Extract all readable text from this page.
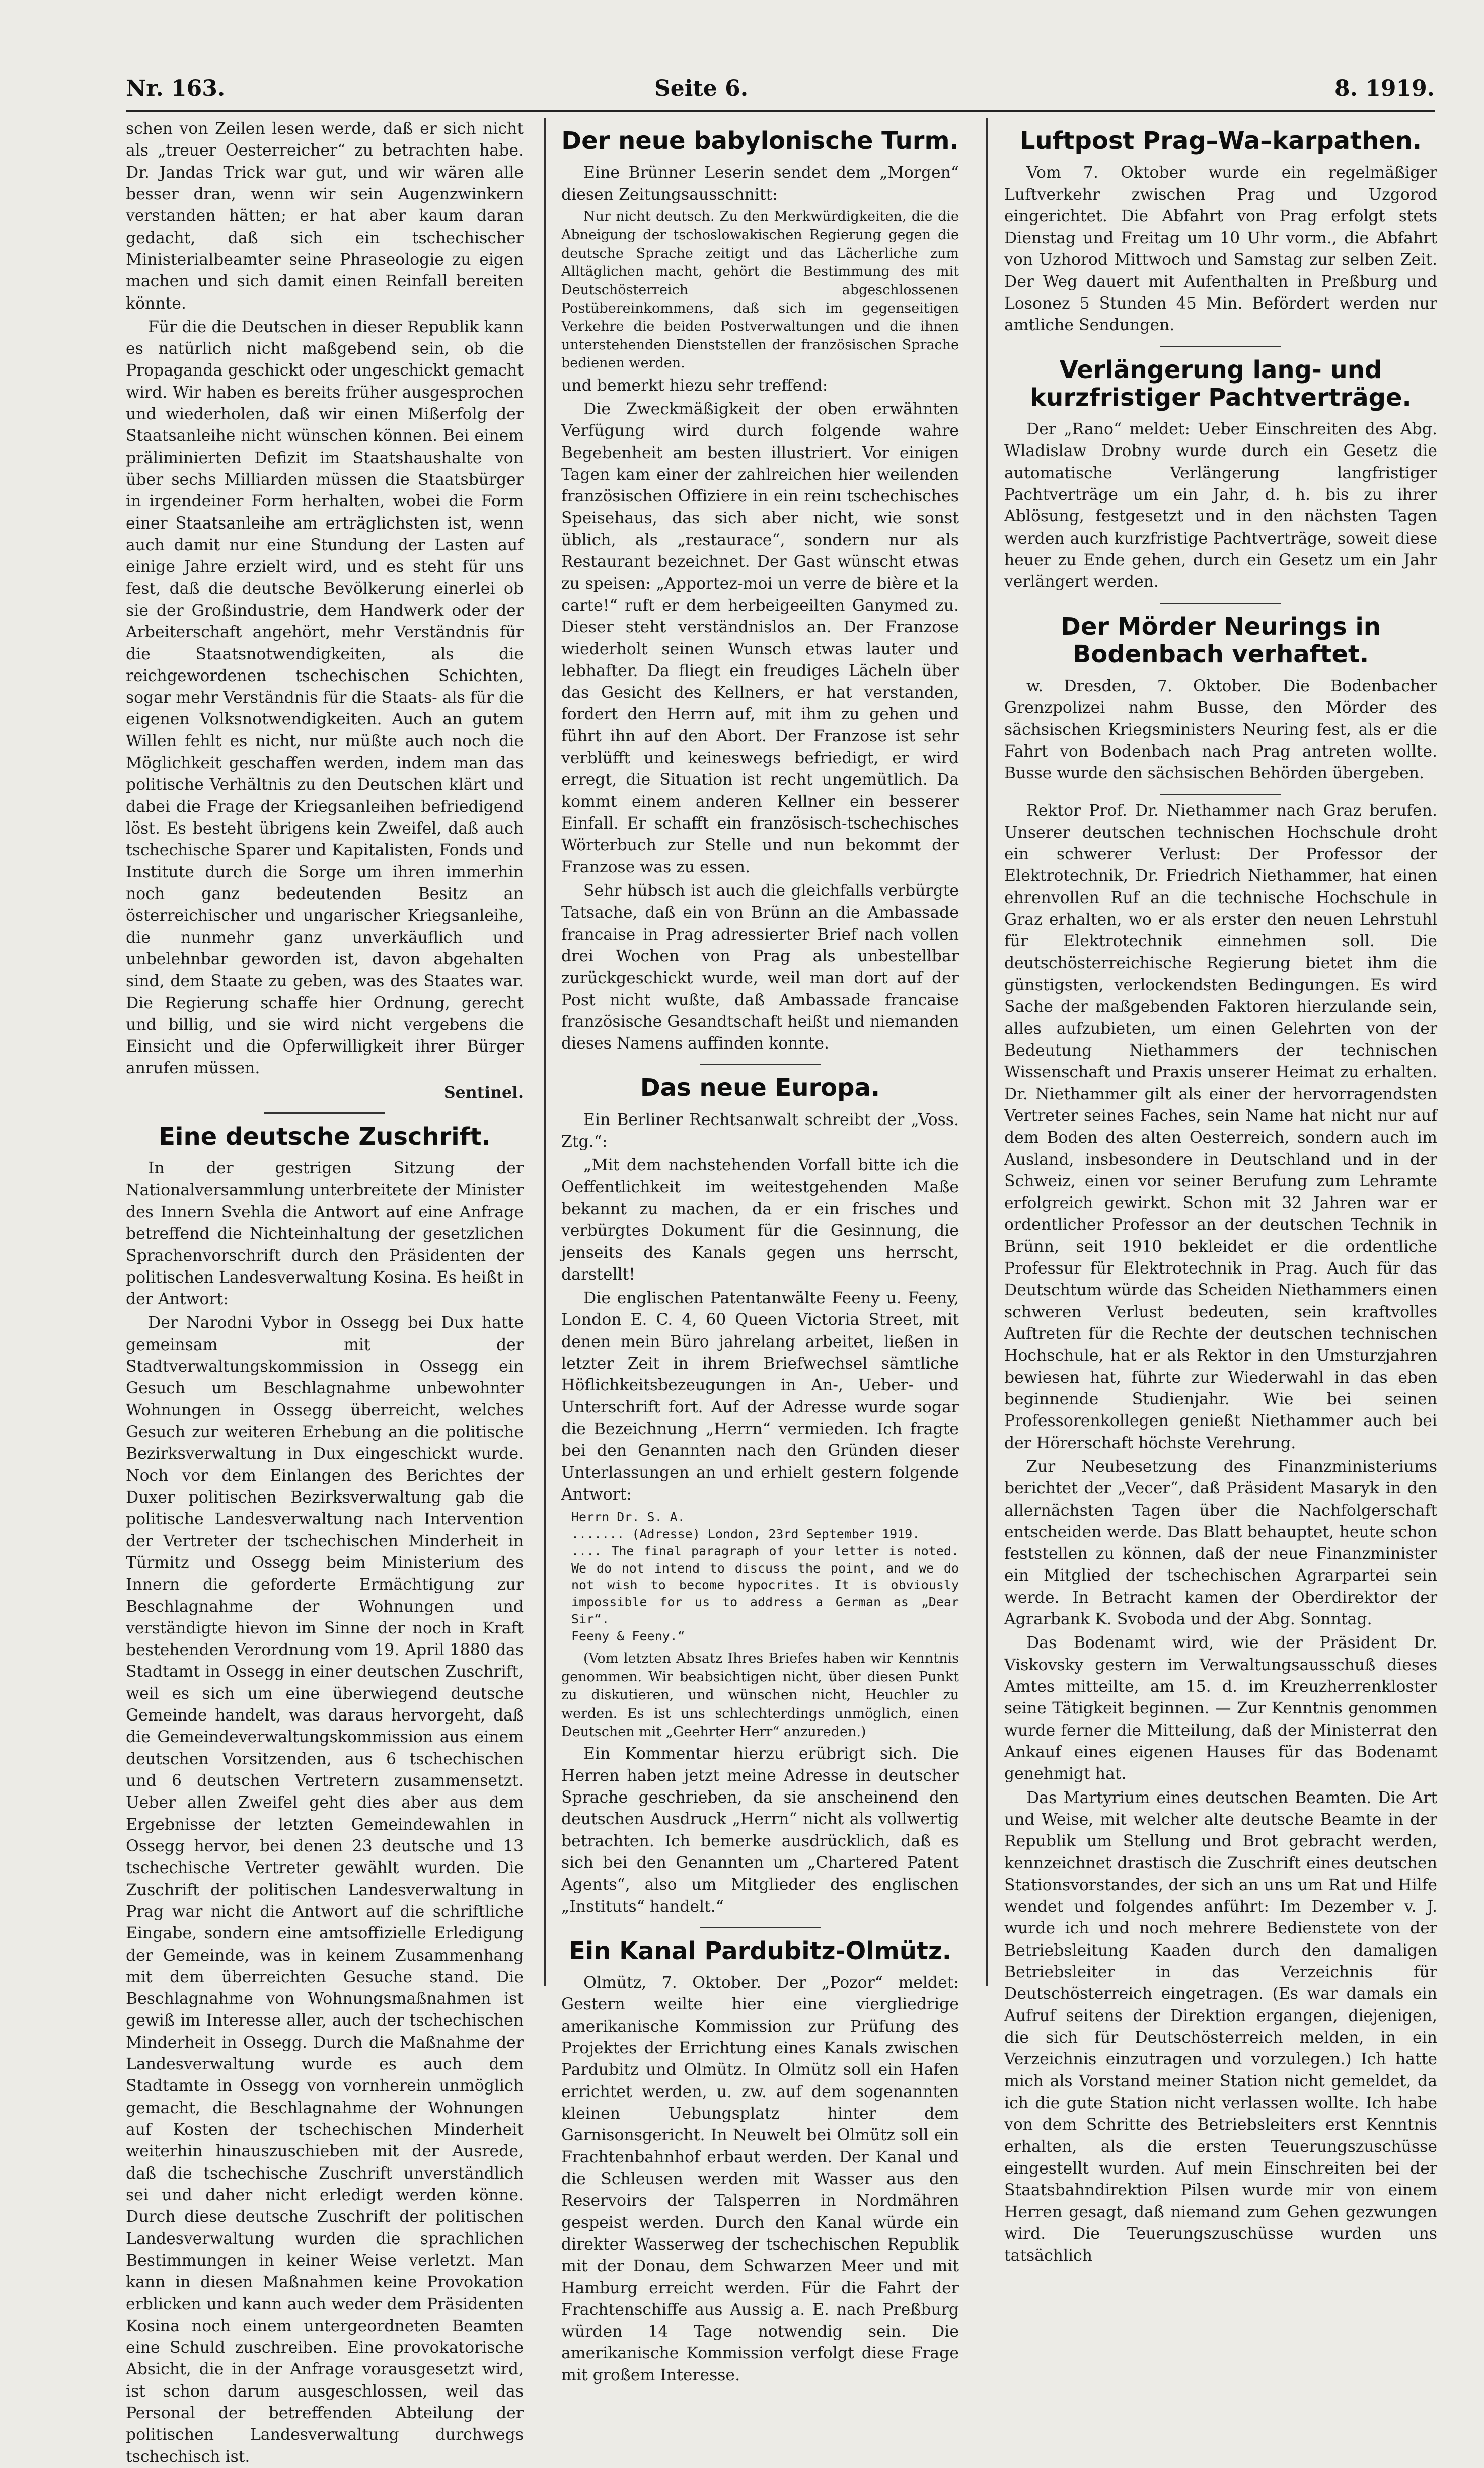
Nr. 163.	Seite 6.	8. 1919.

schen von Zeilen lesen werde, daß er sich nicht als „treuer Oesterreicher“ zu betrachten habe. Dr. Jandas Trick war gut, und wir wären alle besser dran, wenn wir sein Augenzwinkern verstanden hätten; er hat aber kaum daran gedacht, daß sich ein tschechischer Ministerialbeamter seine Phraseologie zu eigen machen und sich damit einen Reinfall bereiten könnte.

Für die die Deutschen in dieser Republik kann es natürlich nicht maßgebend sein, ob die Propaganda geschickt oder ungeschickt gemacht wird. Wir haben es bereits früher ausgesprochen und wiederholen, daß wir einen Mißerfolg der Staatsanleihe nicht wünschen können. Bei einem präliminierten Defizit im Staatshaushalte von über sechs Milliarden müssen die Staatsbürger in irgendeiner Form herhalten, wobei die Form einer Staatsanleihe am erträglichsten ist, wenn auch damit nur eine Stundung der Lasten auf einige Jahre erzielt wird, und es steht für uns fest, daß die deutsche Bevölkerung einerlei ob sie der Großindustrie, dem Handwerk oder der Arbeiterschaft angehört, mehr Verständnis für die Staatsnotwendigkeiten, als die reichgewordenen tschechischen Schichten, sogar mehr Verständnis für die Staats- als für die eigenen Volksnotwendigkeiten. Auch an gutem Willen fehlt es nicht, nur müßte auch noch die Möglichkeit geschaffen werden, indem man das politische Verhältnis zu den Deutschen klärt und dabei die Frage der Kriegsanleihen befriedigend löst. Es besteht übrigens kein Zweifel, daß auch tschechische Sparer und Kapitalisten, Fonds und Institute durch die Sorge um ihren immerhin noch ganz bedeutenden Besitz an österreichischer und ungarischer Kriegsanleihe, die nunmehr ganz unverkäuflich und unbelehnbar geworden ist, davon abgehalten sind, dem Staate zu geben, was des Staates war. Die Regierung schaffe hier Ordnung, gerecht und billig, und sie wird nicht vergebens die Einsicht und die Opferwilligkeit ihrer Bürger anrufen müssen.

Sentinel.
Eine deutsche Zuschrift.

In der gestrigen Sitzung der Nationalversammlung unterbreitete der Minister des Innern Svehla die Antwort auf eine Anfrage betreffend die Nichteinhaltung der gesetzlichen Sprachenvorschrift durch den Präsidenten der politischen Landesverwaltung Kosina. Es heißt in der Antwort:

Der Narodni Vybor in Ossegg bei Dux hatte gemeinsam mit der Stadtverwaltungskommission in Ossegg ein Gesuch um Beschlagnahme unbewohnter Wohnungen in Ossegg überreicht, welches Gesuch zur weiteren Erhebung an die politische Bezirksverwaltung in Dux eingeschickt wurde. Noch vor dem Einlangen des Berichtes der Duxer politischen Bezirksverwaltung gab die politische Landesverwaltung nach Intervention der Vertreter der tschechischen Minderheit in Türmitz und Ossegg beim Ministerium des Innern die geforderte Ermächtigung zur Beschlagnahme der Wohnungen und verständigte hievon im Sinne der noch in Kraft bestehenden Verordnung vom 19. April 1880 das Stadtamt in Ossegg in einer deutschen Zuschrift, weil es sich um eine überwiegend deutsche Gemeinde handelt, was daraus hervorgeht, daß die Gemeindeverwaltungskommission aus einem deutschen Vorsitzenden, aus 6 tschechischen und 6 deutschen Vertretern zusammensetzt. Ueber allen Zweifel geht dies aber aus dem Ergebnisse der letzten Gemeindewahlen in Ossegg hervor, bei denen 23 deutsche und 13 tschechische Vertreter gewählt wurden. Die Zuschrift der politischen Landesverwaltung in Prag war nicht die Antwort auf die schriftliche Eingabe, sondern eine amtsoffizielle Erledigung der Gemeinde, was in keinem Zusammenhang mit dem überreichten Gesuche stand. Die Beschlagnahme von Wohnungsmaßnahmen ist gewiß im Interesse aller, auch der tschechischen Minderheit in Ossegg. Durch die Maßnahme der Landesverwaltung wurde es auch dem Stadtamte in Ossegg von vornherein unmöglich gemacht, die Beschlagnahme der Wohnungen auf Kosten der tschechischen Minderheit weiterhin hinauszuschieben mit der Ausrede, daß die tschechische Zuschrift unverständlich sei und daher nicht erledigt werden könne. Durch diese deutsche Zuschrift der politischen Landesverwaltung wurden die sprachlichen Bestimmungen in keiner Weise verletzt. Man kann in diesen Maßnahmen keine Provokation erblicken und kann auch weder dem Präsidenten Kosina noch einem untergeordneten Beamten eine Schuld zuschreiben. Eine provokatorische Absicht, die in der Anfrage vorausgesetzt wird, ist schon darum ausgeschlossen, weil das Personal der betreffenden Abteilung der politischen Landesverwaltung durchwegs tschechisch ist.

Der neue babylonische Turm.

Eine Brünner Leserin sendet dem „Morgen“ diesen Zeitungsausschnitt:

Nur nicht deutsch. Zu den Merkwürdigkeiten, die die Abneigung der tschoslowakischen Regierung gegen die deutsche Sprache zeitigt und das Lächerliche zum Alltäglichen macht, gehört die Bestimmung des mit Deutschösterreich abgeschlossenen Postübereinkommens, daß sich im gegenseitigen Verkehre die beiden Postverwaltungen und die ihnen unterstehenden Dienststellen der französischen Sprache bedienen werden.

und bemerkt hiezu sehr treffend:

Die Zweckmäßigkeit der oben erwähnten Verfügung wird durch folgende wahre Begebenheit am besten illustriert. Vor einigen Tagen kam einer der zahlreichen hier weilenden französischen Offiziere in ein reinı tschechisches Speisehaus, das sich aber nicht, wie sonst üblich, als „restaurace“, sondern nur als Restaurant bezeichnet. Der Gast wünscht etwas zu speisen: „Apportez-moi un verre de bière et la carte!“ ruft er dem herbeigeeilten Ganymed zu. Dieser steht verständnislos an. Der Franzose wiederholt seinen Wunsch etwas lauter und lebhafter. Da fliegt ein freudiges Lächeln über das Gesicht des Kellners, er hat verstanden, fordert den Herrn auf, mit ihm zu gehen und führt ihn auf den Abort. Der Franzose ist sehr verblüfft und keineswegs befriedigt, er wird erregt, die Situation ist recht ungemütlich. Da kommt einem anderen Kellner ein besserer Einfall. Er schafft ein französisch-tschechisches Wörterbuch zur Stelle und nun bekommt der Franzose was zu essen.

Sehr hübsch ist auch die gleichfalls verbürgte Tatsache, daß ein von Brünn an die Ambassade francaise in Prag adressierter Brief nach vollen drei Wochen von Prag als unbestellbar zurückgeschickt wurde, weil man dort auf der Post nicht wußte, daß Ambassade francaise französische Gesandtschaft heißt und niemanden dieses Namens auffinden konnte.

Das neue Europa.

Ein Berliner Rechtsanwalt schreibt der „Voss. Ztg.“:

„Mit dem nachstehenden Vorfall bitte ich die Oeffentlichkeit im weitestgehenden Maße bekannt zu machen, da er ein frisches und verbürgtes Dokument für die Gesinnung, die jenseits des Kanals gegen uns herrscht, darstellt!

Die englischen Patentanwälte Feeny u. Feeny, London E. C. 4, 60 Queen Victoria Street, mit denen mein Büro jahrelang arbeitet, ließen in letzter Zeit in ihrem Briefwechsel sämtliche Höflichkeitsbezeugungen in An-, Ueber- und Unterschrift fort. Auf der Adresse wurde sogar die Bezeichnung „Herrn“ vermieden. Ich fragte bei den Genannten nach den Gründen dieser Unterlassungen an und erhielt gestern folgende Antwort:

Herrn Dr. S. A.
....... (Adresse) London, 23rd September 1919.
.... The final paragraph of your letter is noted. We do not intend to discuss the point, and we do not wish to become hypocrites. It is obviously impossible for us to address a German as „Dear Sir“.
Feeny & Feeny.“

(Vom letzten Absatz Ihres Briefes haben wir Kenntnis genommen. Wir beabsichtigen nicht, über diesen Punkt zu diskutieren, und wünschen nicht, Heuchler zu werden. Es ist uns schlechterdings unmöglich, einen Deutschen mit „Geehrter Herr“ anzureden.)

Ein Kommentar hierzu erübrigt sich. Die Herren haben jetzt meine Adresse in deutscher Sprache geschrieben, da sie anscheinend den deutschen Ausdruck „Herrn“ nicht als vollwertig betrachten. Ich bemerke ausdrücklich, daß es sich bei den Genannten um „Chartered Patent Agents“, also um Mitglieder des englischen „Instituts“ handelt.“

Ein Kanal Pardubitz-Olmütz.

Olmütz, 7. Oktober. Der „Pozor“ meldet: Gestern weilte hier eine viergliedrige amerikanische Kommission zur Prüfung des Projektes der Errichtung eines Kanals zwischen Pardubitz und Olmütz. In Olmütz soll ein Hafen errichtet werden, u. zw. auf dem sogenannten kleinen Uebungsplatz hinter dem Garnisonsgericht. In Neuwelt bei Olmütz soll ein Frachtenbahnhof erbaut werden. Der Kanal und die Schleusen werden mit Wasser aus den Reservoirs der Talsperren in Nordmähren gespeist werden. Durch den Kanal würde ein direkter Wasserweg der tschechischen Republik mit der Donau, dem Schwarzen Meer und mit Hamburg erreicht werden. Für die Fahrt der Frachtenschiffe aus Aussig a. E. nach Preßburg würden 14 Tage notwendig sein. Die amerikanische Kommission verfolgt diese Frage mit großem Interesse.

Luftpost Prag–Wa–karpathen.

Vom 7. Oktober wurde ein regelmäßiger Luftverkehr zwischen Prag und Uzgorod eingerichtet. Die Abfahrt von Prag erfolgt stets Dienstag und Freitag um 10 Uhr vorm., die Abfahrt von Uzhorod Mittwoch und Samstag zur selben Zeit. Der Weg dauert mit Aufenthalten in Preßburg und Losonez 5 Stunden 45 Min. Befördert werden nur amtliche Sendungen.

Verlängerung lang- und kurzfristiger Pachtverträge.

Der „Rano“ meldet: Ueber Einschreiten des Abg. Wladislaw Drobny wurde durch ein Gesetz die automatische Verlängerung langfristiger Pachtverträge um ein Jahr, d. h. bis zu ihrer Ablösung, festgesetzt und in den nächsten Tagen werden auch kurzfristige Pachtverträge, soweit diese heuer zu Ende gehen, durch ein Gesetz um ein Jahr verlängert werden.

Der Mörder Neurings in Bodenbach verhaftet.

w. Dresden, 7. Oktober. Die Bodenbacher Grenzpolizei nahm Busse, den Mörder des sächsischen Kriegsministers Neuring fest, als er die Fahrt von Bodenbach nach Prag antreten wollte. Busse wurde den sächsischen Behörden übergeben.

Rektor Prof. Dr. Niethammer nach Graz berufen. Unserer deutschen technischen Hochschule droht ein schwerer Verlust: Der Professor der Elektrotechnik, Dr. Friedrich Niethammer, hat einen ehrenvollen Ruf an die technische Hochschule in Graz erhalten, wo er als erster den neuen Lehrstuhl für Elektrotechnik einnehmen soll. Die deutschösterreichische Regierung bietet ihm die günstigsten, verlockendsten Bedingungen. Es wird Sache der maßgebenden Faktoren hierzulande sein, alles aufzubieten, um einen Gelehrten von der Bedeutung Niethammers der technischen Wissenschaft und Praxis unserer Heimat zu erhalten. Dr. Niethammer gilt als einer der hervorragendsten Vertreter seines Faches, sein Name hat nicht nur auf dem Boden des alten Oesterreich, sondern auch im Ausland, insbesondere in Deutschland und in der Schweiz, einen vor seiner Berufung zum Lehramte erfolgreich gewirkt. Schon mit 32 Jahren war er ordentlicher Professor an der deutschen Technik in Brünn, seit 1910 bekleidet er die ordentliche Professur für Elektrotechnik in Prag. Auch für das Deutschtum würde das Scheiden Niethammers einen schweren Verlust bedeuten, sein kraftvolles Auftreten für die Rechte der deutschen technischen Hochschule, hat er als Rektor in den Umsturzjahren bewiesen hat, führte zur Wiederwahl in das eben beginnende Studienjahr. Wie bei seinen Professorenkollegen genießt Niethammer auch bei der Hörerschaft höchste Verehrung.

Zur Neubesetzung des Finanzministeriums berichtet der „Vecer“, daß Präsident Masaryk in den allernächsten Tagen über die Nachfolgerschaft entscheiden werde. Das Blatt behauptet, heute schon feststellen zu können, daß der neue Finanzminister ein Mitglied der tschechischen Agrarpartei sein werde. In Betracht kamen der Oberdirektor der Agrarbank K. Svoboda und der Abg. Sonntag.

Das Bodenamt wird, wie der Präsident Dr. Viskovsky gestern im Verwaltungsausschuß dieses Amtes mitteilte, am 15. d. im Kreuzherrenkloster seine Tätigkeit beginnen. — Zur Kenntnis genommen wurde ferner die Mitteilung, daß der Ministerrat den Ankauf eines eigenen Hauses für das Bodenamt genehmigt hat.

Das Martyrium eines deutschen Beamten. Die Art und Weise, mit welcher alte deutsche Beamte in der Republik um Stellung und Brot gebracht werden, kennzeichnet drastisch die Zuschrift eines deutschen Stationsvorstandes, der sich an uns um Rat und Hilfe wendet und folgendes anführt: Im Dezember v. J. wurde ich und noch mehrere Bedienstete von der Betriebsleitung Kaaden durch den damaligen Betriebsleiter in das Verzeichnis für Deutschösterreich eingetragen. (Es war damals ein Aufruf seitens der Direktion ergangen, diejenigen, die sich für Deutschösterreich melden, in ein Verzeichnis einzutragen und vorzulegen.) Ich hatte mich als Vorstand meiner Station nicht gemeldet, da ich die gute Station nicht verlassen wollte. Ich habe von dem Schritte des Betriebsleiters erst Kenntnis erhalten, als die ersten Teuerungszuschüsse eingestellt wurden. Auf mein Einschreiten bei der Staatsbahndirektion Pilsen wurde mir von einem Herren gesagt, daß niemand zum Gehen gezwungen wird. Die Teuerungszuschüsse wurden uns tatsächlich
